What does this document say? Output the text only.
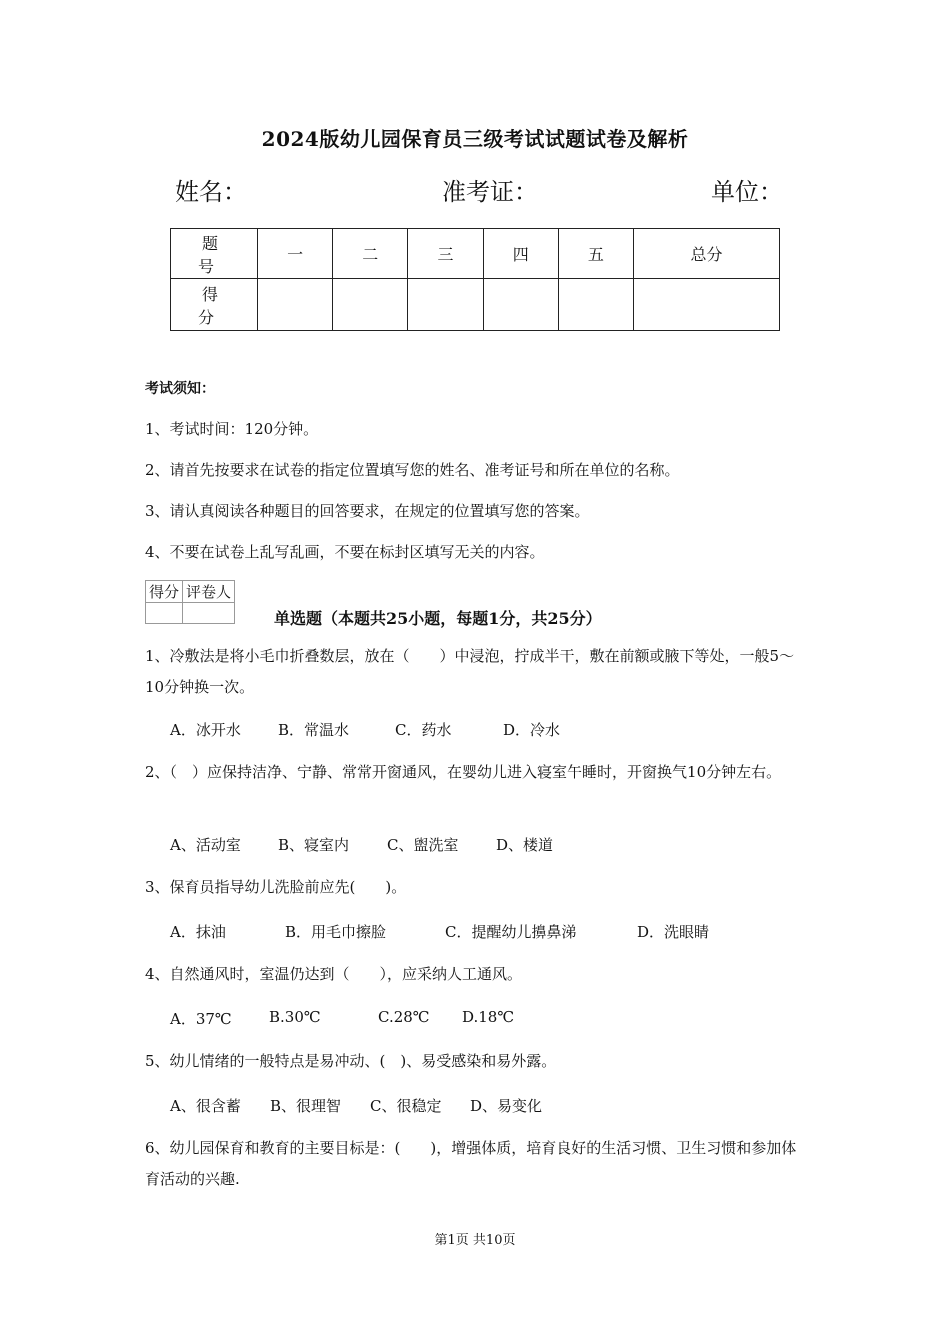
2024版幼儿园保育员三级考试试题试卷及解析
姓名：	准考证：	单位：
题　号	一	二	三	四	五	总分
得　分						
考试须知：
1、考试时间：120分钟。
2、请首先按要求在试卷的指定位置填写您的姓名、准考证号和所在单位的名称。
3、请认真阅读各种题目的回答要求，在规定的位置填写您的答案。
4、不要在试卷上乱写乱画，不要在标封区填写无关的内容。
得分	评卷人

单选题（本题共25小题，每题1分，共25分）
1、冷敷法是将小毛巾折叠数层，放在（　　）中浸泡，拧成半干，敷在前额或腋下等处，一般5～10分钟换一次。
A．冰开水 B．常温水	C．药水	D．冷水
2、（　）应保持洁净、宁静、常常开窗通风，在婴幼儿进入寝室午睡时，开窗换气10分钟左右。
A、活动室 B、寝室内	C、盥洗室	D、楼道
3、保育员指导幼儿洗脸前应先(　　)。
A．抹油	B．用毛巾擦脸	C．提醒幼儿擤鼻涕	D．洗眼睛
4、自然通风时，室温仍达到（　　），应采纳人工通风。
A．37℃ B.30℃	C.28℃ D.18℃
5、幼儿情绪的一般特点是易冲动、(　)、易受感染和易外露。
A、很含蓄 B、很理智 C、很稳定 D、易变化
6、幼儿园保育和教育的主要目标是：(　　)，增强体质，培育良好的生活习惯、卫生习惯和参加体育活动的兴趣.
第1页 共10页
